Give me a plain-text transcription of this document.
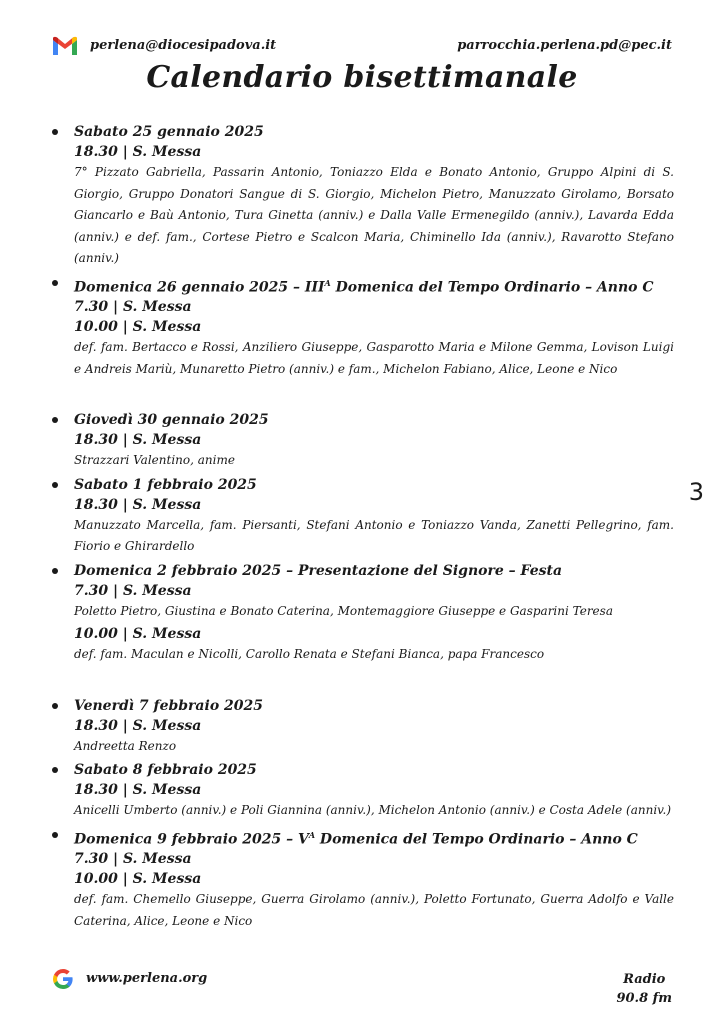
perlena@diocesipadova.it	parrocchia.perlena.pd@pec.it
Calendario bisettimanale
Sabato 25 gennaio 2025
18.30 | S. Messa
7° Pizzato Gabriella, Passarin Antonio, Toniazzo Elda e Bonato Antonio, Gruppo Alpini di S. Giorgio, Gruppo Donatori Sangue di S. Giorgio, Michelon Pietro, Manuzzato Girolamo, Borsato Giancarlo e Baù Antonio, Tura Ginetta (anniv.) e Dalla Valle Ermenegildo (anniv.), Lavarda Edda (anniv.) e def. fam., Cortese Pietro e Scalcon Maria, Chiminello Ida (anniv.), Ravarotto Stefano (anniv.)
Domenica 26 gennaio $2025 - III^A$ Domenica del Tempo Ordinario – Anno C
7.30 | S. Messa
10.00 | S. Messa
def. fam. Bertacco e Rossi, Anziliero Giuseppe, Gasparotto Maria e Milone Gemma, Lovison Luigi e Andreis Mariù, Munaretto Pietro (anniv.) e fam., Michelon Fabiano, Alice, Leone e Nico
Giovedì 30 gennaio 2025
18.30 | S. Messa
Strazzari Valentino, anime
Sabato 1 febbraio 2025
18.30 | S. Messa
Manuzzato Marcella, fam. Piersanti, Stefani Antonio e Toniazzo Vanda, Zanetti Pellegrino, fam. Fiorio e Ghirardello
Domenica 2 febbraio 2025 – Presentazione del Signore – Festa
7.30 | S. Messa
Poletto Pietro, Giustina e Bonato Caterina, Montemaggiore Giuseppe e Gasparini Teresa
10.00 | S. Messa
def. fam. Maculan e Nicolli, Carollo Renata e Stefani Bianca, papa Francesco
Venerdì 7 febbraio 2025
18.30 | S. Messa
Andreetta Renzo
Sabato 8 febbraio 2025
18.30 | S. Messa
Anicelli Umberto (anniv.) e Poli Giannina (anniv.), Michelon Antonio (anniv.) e Costa Adele (anniv.)
Domenica 9 febbraio $2025 - V^A$ Domenica del Tempo Ordinario – Anno C
7.30 | S. Messa
10.00 | S. Messa
def. fam. Chemello Giuseppe, Guerra Girolamo (anniv.), Poletto Fortunato, Guerra Adolfo e Valle Caterina, Alice, Leone e Nico
3
www.perlena.org	Radio
90.8 fm
